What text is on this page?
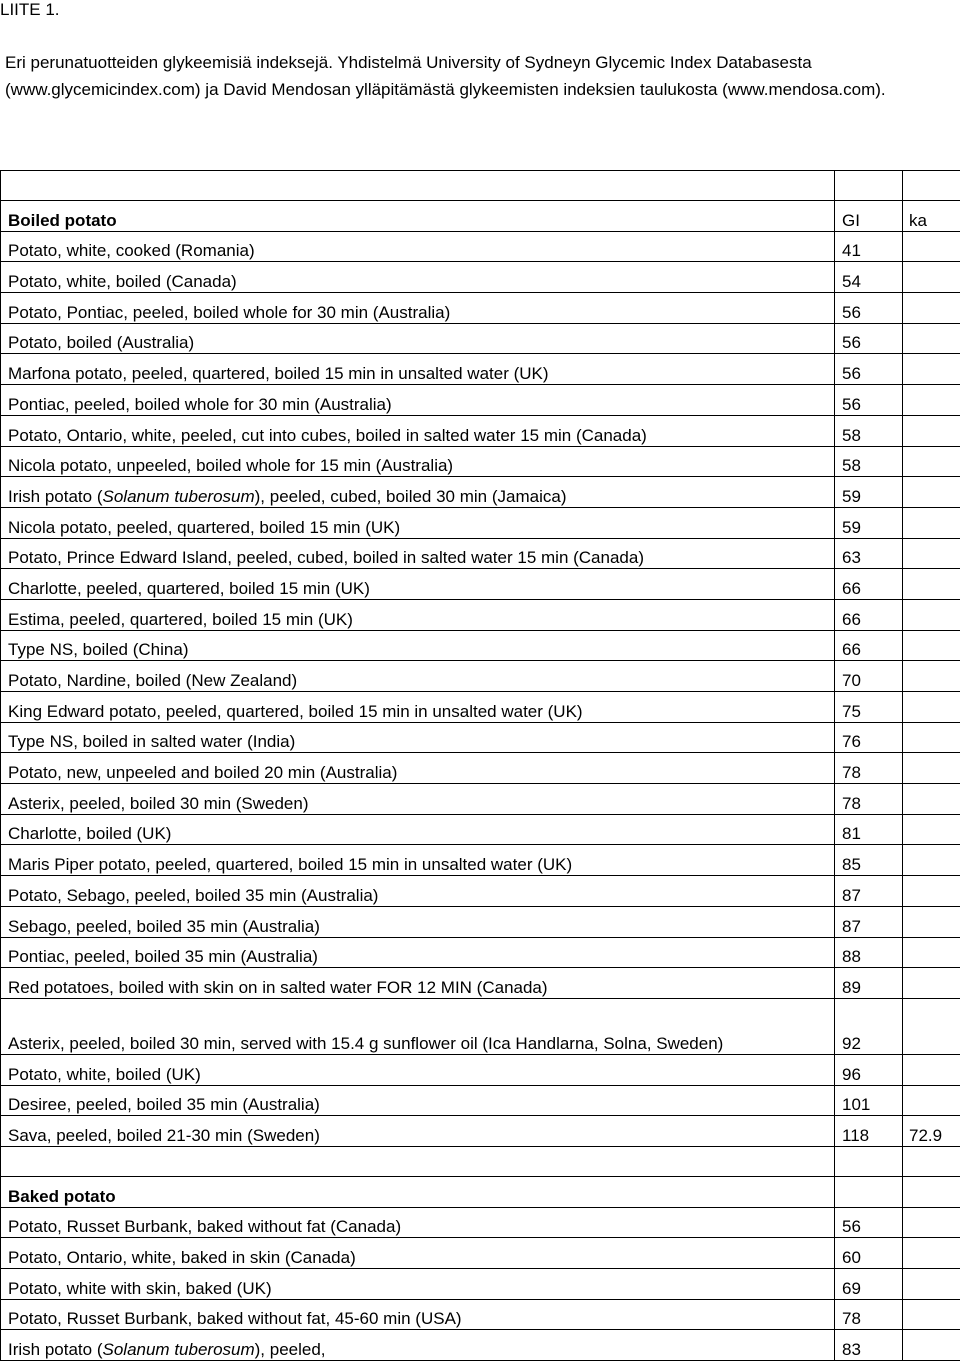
LIITE 1.
Eri perunatuotteiden glykeemisiä indeksejä. Yhdistelmä University of Sydneyn Glycemic Index Databasesta (www.glycemicindex.com) ja David Mendosan ylläpitämästä glykeemisten indeksien taulukosta (www.mendosa.com).

Boiled potato	GI	ka
Potato, white, cooked (Romania)	41	
Potato, white, boiled (Canada)	54	
Potato, Pontiac, peeled, boiled whole for 30 min (Australia)	56	
Potato, boiled (Australia)	56	
Marfona potato, peeled, quartered, boiled 15 min in unsalted water (UK)	56	
Pontiac, peeled, boiled whole for 30 min (Australia)	56	
Potato, Ontario, white, peeled, cut into cubes, boiled in salted water 15 min (Canada)	58	
Nicola potato, unpeeled, boiled whole for 15 min (Australia)	58	
Irish potato (Solanum tuberosum), peeled, cubed, boiled 30 min (Jamaica)	59	
Nicola potato, peeled, quartered, boiled 15 min (UK)	59	
Potato, Prince Edward Island, peeled, cubed, boiled in salted water 15 min (Canada)	63	
Charlotte, peeled, quartered, boiled 15 min (UK)	66	
Estima, peeled, quartered, boiled 15 min (UK)	66	
Type NS, boiled (China)	66	
Potato, Nardine, boiled (New Zealand)	70	
King Edward potato, peeled, quartered, boiled 15 min in unsalted water (UK)	75	
Type NS, boiled in salted water (India)	76	
Potato, new, unpeeled and boiled 20 min (Australia)	78	
Asterix, peeled, boiled 30 min (Sweden)	78	
Charlotte, boiled (UK)	81	
Maris Piper potato, peeled, quartered, boiled 15 min in unsalted water (UK)	85	
Potato, Sebago, peeled, boiled 35 min (Australia)	87	
Sebago, peeled, boiled 35 min (Australia)	87	
Pontiac, peeled, boiled 35 min (Australia)	88	
Red potatoes, boiled with skin on in salted water FOR 12 MIN (Canada)	89	
Asterix, peeled, boiled 30 min, served with 15.4 g sunflower oil (Ica Handlarna, Solna, Sweden)	92	
Potato, white, boiled (UK)	96	
Desiree, peeled, boiled 35 min (Australia)	101	
Sava, peeled, boiled 21-30 min (Sweden)	118	72.9

Baked potato		
Potato, Russet Burbank, baked without fat (Canada)	56	
Potato, Ontario, white, baked in skin (Canada)	60	
Potato, white with skin, baked (UK)	69	
Potato, Russet Burbank, baked without fat, 45-60 min (USA)	78	
Irish potato (Solanum tuberosum), peeled,	83	
